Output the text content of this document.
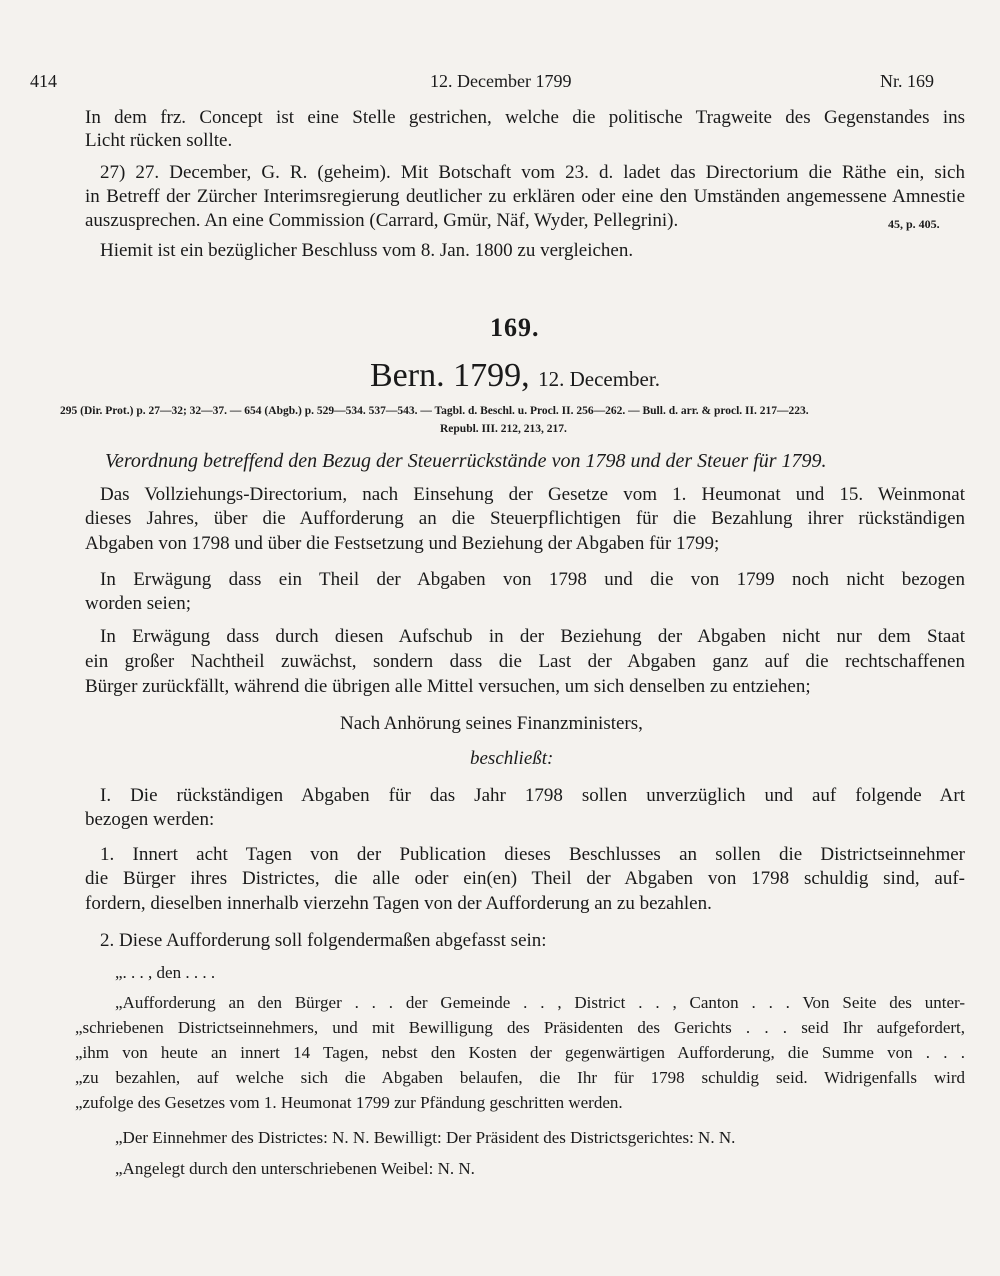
414	12. December 1799	Nr. 169
In dem frz. Concept ist eine Stelle gestrichen, welche die politische Tragweite des Gegenstandes ins
Licht rücken sollte.
27) 27. December, G. R. (geheim). Mit Botschaft vom 23. d. ladet das Directorium die Räthe ein, sich
in Betreff der Zürcher Interimsregierung deutlicher zu erklären oder eine den Umständen angemessene Amnestie
auszusprechen. An eine Commission (Carrard, Gmür, Näf, Wyder, Pellegrini).	45, p. 405.
Hiemit ist ein bezüglicher Beschluss vom 8. Jan. 1800 zu vergleichen.
169.
Bern. 1799, 12. December.
295 (Dir. Prot.) p. 27—32; 32—37. — 654 (Abgb.) p. 529—534. 537—543. — Tagbl. d. Beschl. u. Procl. II. 256—262. — Bull. d. arr. & procl. II. 217—223.
Republ. III. 212, 213, 217.
Verordnung betreffend den Bezug der Steuerrückstände von 1798 und der Steuer für 1799.
Das Vollziehungs-Directorium, nach Einsehung der Gesetze vom 1. Heumonat und 15. Weinmonat
dieses Jahres, über die Aufforderung an die Steuerpflichtigen für die Bezahlung ihrer rückständigen
Abgaben von 1798 und über die Festsetzung und Beziehung der Abgaben für 1799;
In Erwägung dass ein Theil der Abgaben von 1798 und die von 1799 noch nicht bezogen
worden seien;
In Erwägung dass durch diesen Aufschub in der Beziehung der Abgaben nicht nur dem Staat
ein großer Nachtheil zuwächst, sondern dass die Last der Abgaben ganz auf die rechtschaffenen
Bürger zurückfällt, während die übrigen alle Mittel versuchen, um sich denselben zu entziehen;
Nach Anhörung seines Finanzministers,
beschließt:
I. Die rückständigen Abgaben für das Jahr 1798 sollen unverzüglich und auf folgende Art
bezogen werden:
1. Innert acht Tagen von der Publication dieses Beschlusses an sollen die Districtseinnehmer
die Bürger ihres Districtes, die alle oder ein(en) Theil der Abgaben von 1798 schuldig sind, auf-
fordern, dieselben innerhalb vierzehn Tagen von der Aufforderung an zu bezahlen.
2. Diese Aufforderung soll folgendermaßen abgefasst sein:
„. . . , den . . . .
„Aufforderung an den Bürger . . . der Gemeinde . . , District . . , Canton . . . Von Seite des unter-
„schriebenen Districtseinnehmers, und mit Bewilligung des Präsidenten des Gerichts . . . seid Ihr aufgefordert,
„ihm von heute an innert 14 Tagen, nebst den Kosten der gegenwärtigen Aufforderung, die Summe von . . .
„zu bezahlen, auf welche sich die Abgaben belaufen, die Ihr für 1798 schuldig seid. Widrigenfalls wird
„zufolge des Gesetzes vom 1. Heumonat 1799 zur Pfändung geschritten werden.
„Der Einnehmer des Districtes: N. N. Bewilligt: Der Präsident des Districtsgerichtes: N. N.
„Angelegt durch den unterschriebenen Weibel: N. N.
